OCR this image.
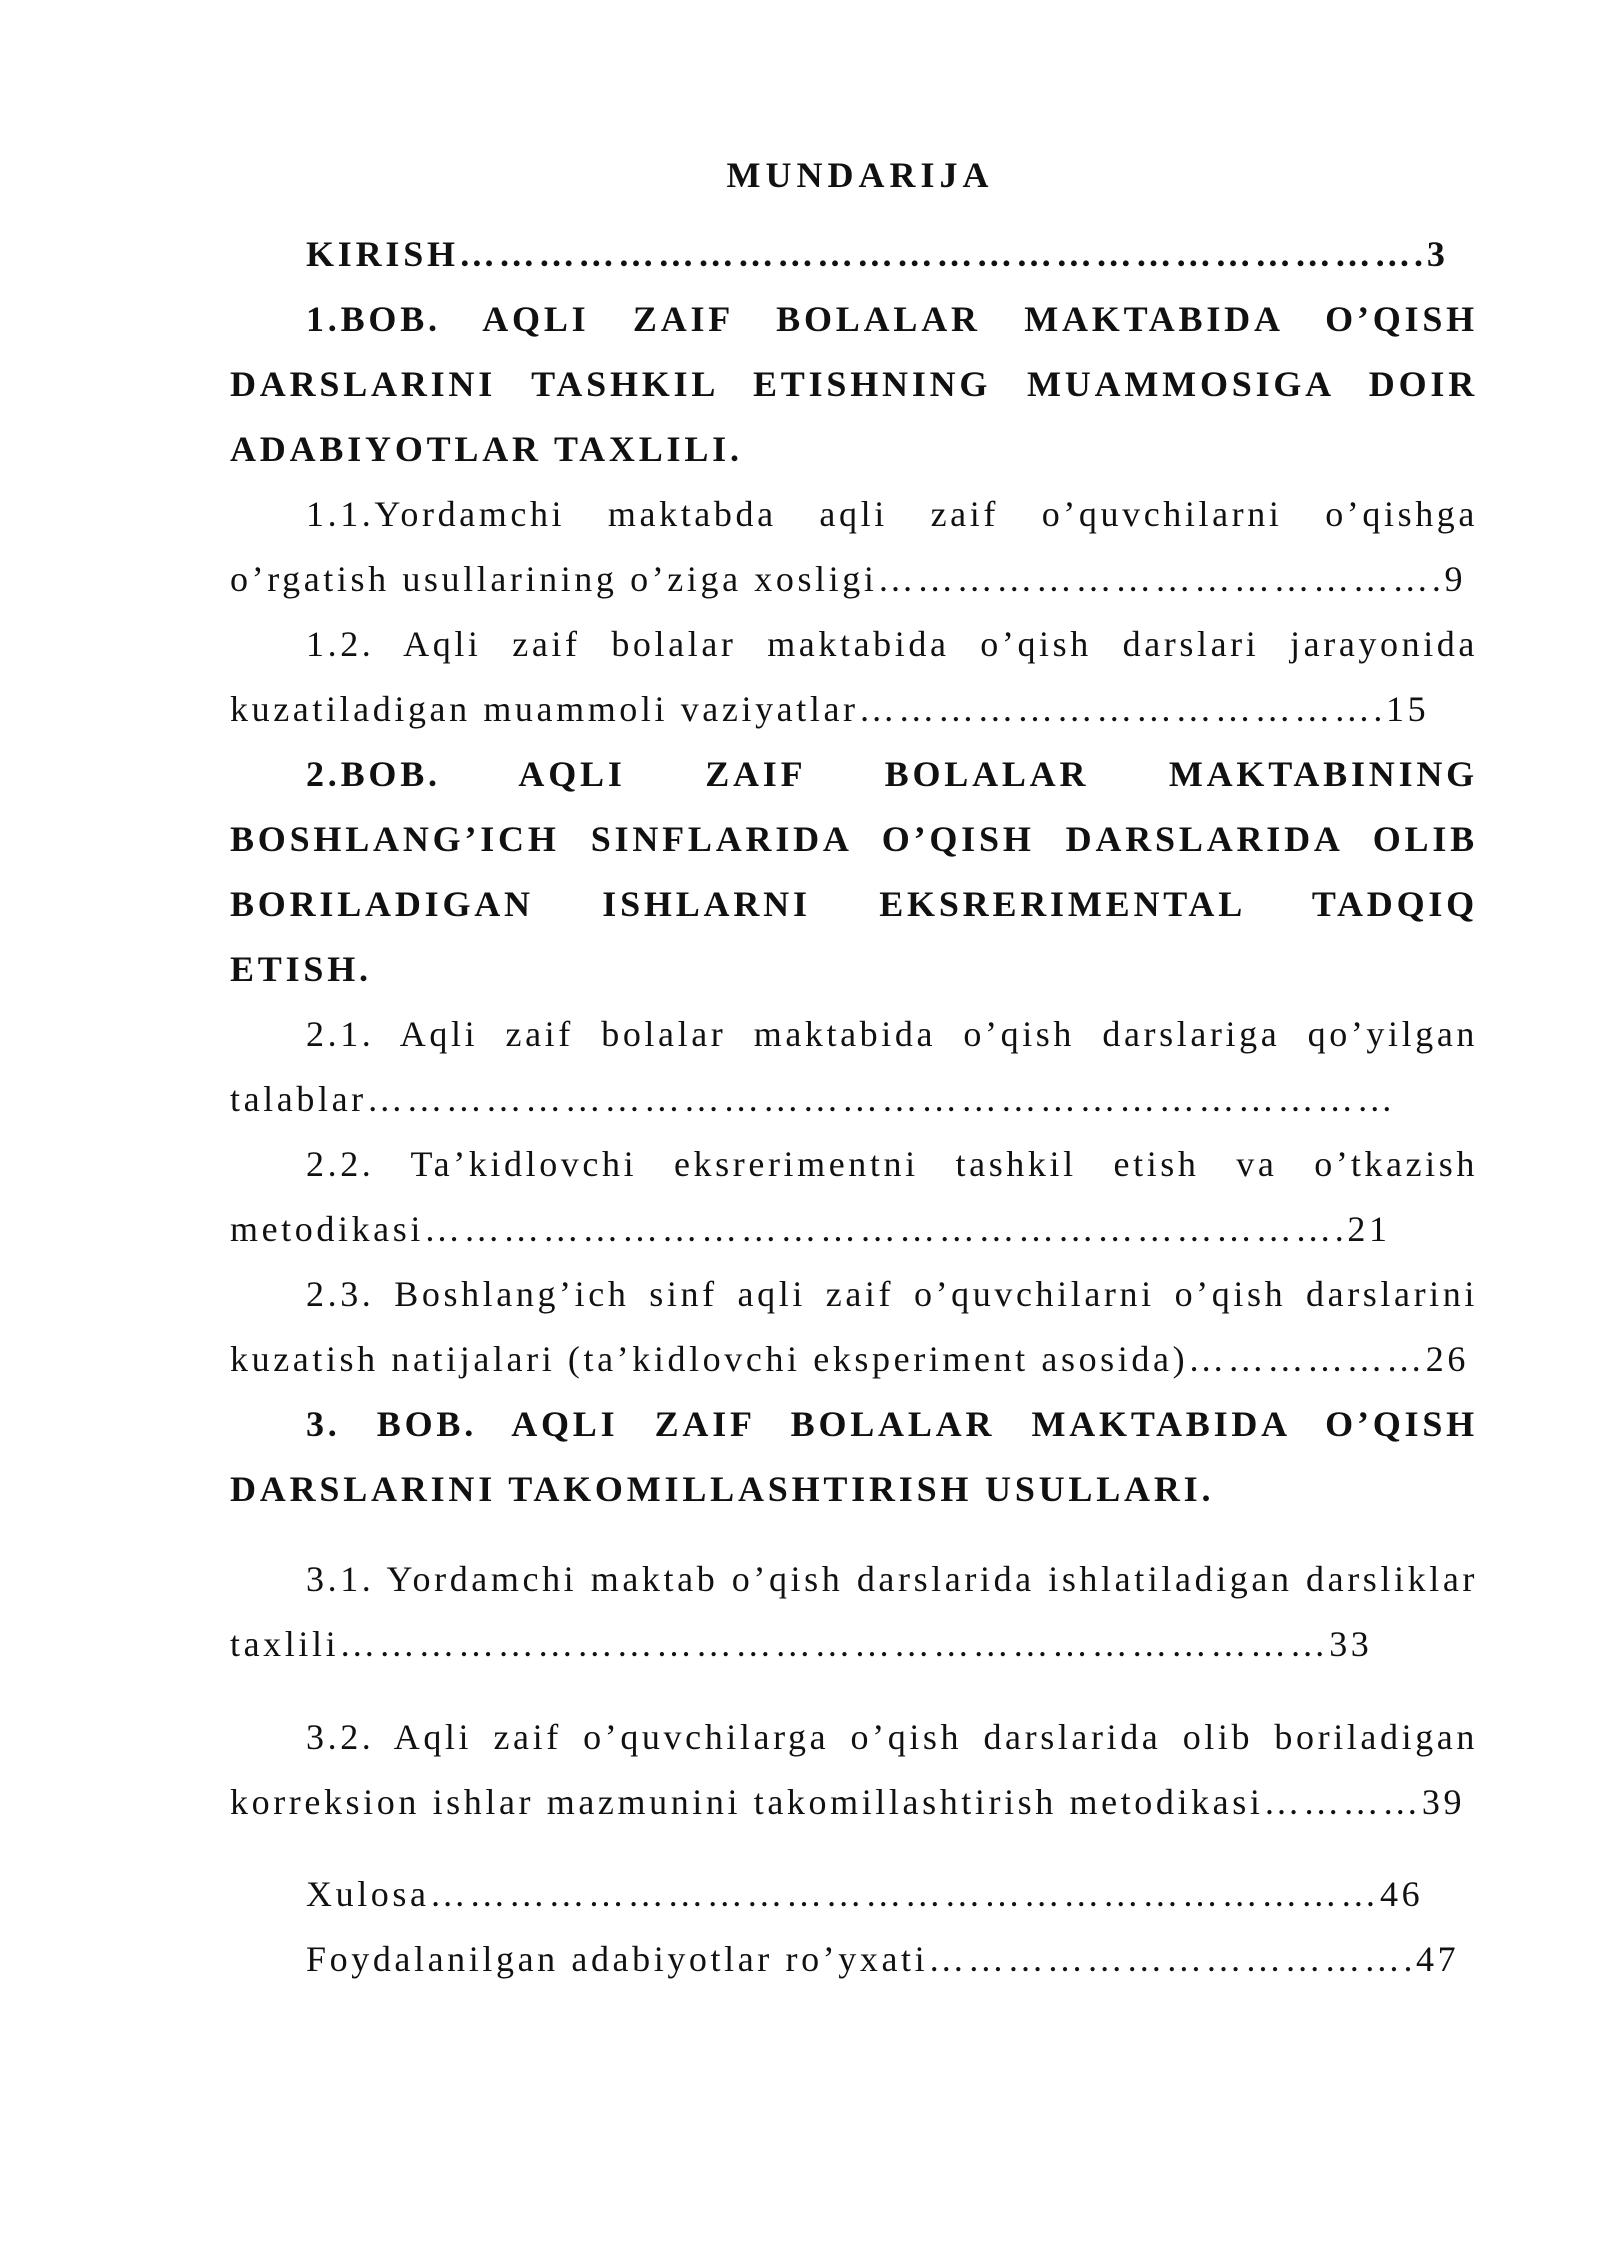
MUNDARIJA
KIRISH……………………………………………………………….3
1.BOB. AQLI ZAIF BOLALAR MAKTABIDA O’QISH
DARSLARINI TASHKIL ETISHNING MUAMMOSIGA DOIR
ADABIYOTLAR TAXLILI.
1.1.Yordamchi maktabda aqli zaif o’quvchilarni o’qishga
o’rgatish usullarining o’ziga xosligi…………………………………….9
1.2. Aqli zaif bolalar maktabida o’qish darslari jarayonida
kuzatiladigan muammoli vaziyatlar………………………………….15
2.BOB. AQLI ZAIF BOLALAR MAKTABINING
BOSHLANG’ICH SINFLARIDA O’QISH DARSLARIDA OLIB
BORILADIGAN ISHLARNI EKSRERIMENTAL TADQIQ
ETISH.
2.1. Aqli zaif bolalar maktabida o’qish darslariga qo’yilgan
talablar……………………………………………………………………
2.2. Ta’kidlovchi eksrerimentni tashkil etish va o’tkazish
metodikasi…………………………………………………………….21
2.3. Boshlang’ich sinf aqli zaif o’quvchilarni o’qish darslarini
kuzatish natijalari (ta’kidlovchi eksperiment asosida)………………26
3. BOB. AQLI ZAIF BOLALAR MAKTABIDA O’QISH
DARSLARINI TAKOMILLASHTIRISH USULLARI.
3.1. Yordamchi maktab o’qish darslarida ishlatiladigan darsliklar
taxlili…………………………………………………………………33
3.2. Aqli zaif o’quvchilarga o’qish darslarida olib boriladigan
korreksion ishlar mazmunini takomillashtirish metodikasi…………39
Xulosa………………………………………………………………46
Foydalanilgan adabiyotlar ro’yxati……………………………….47
